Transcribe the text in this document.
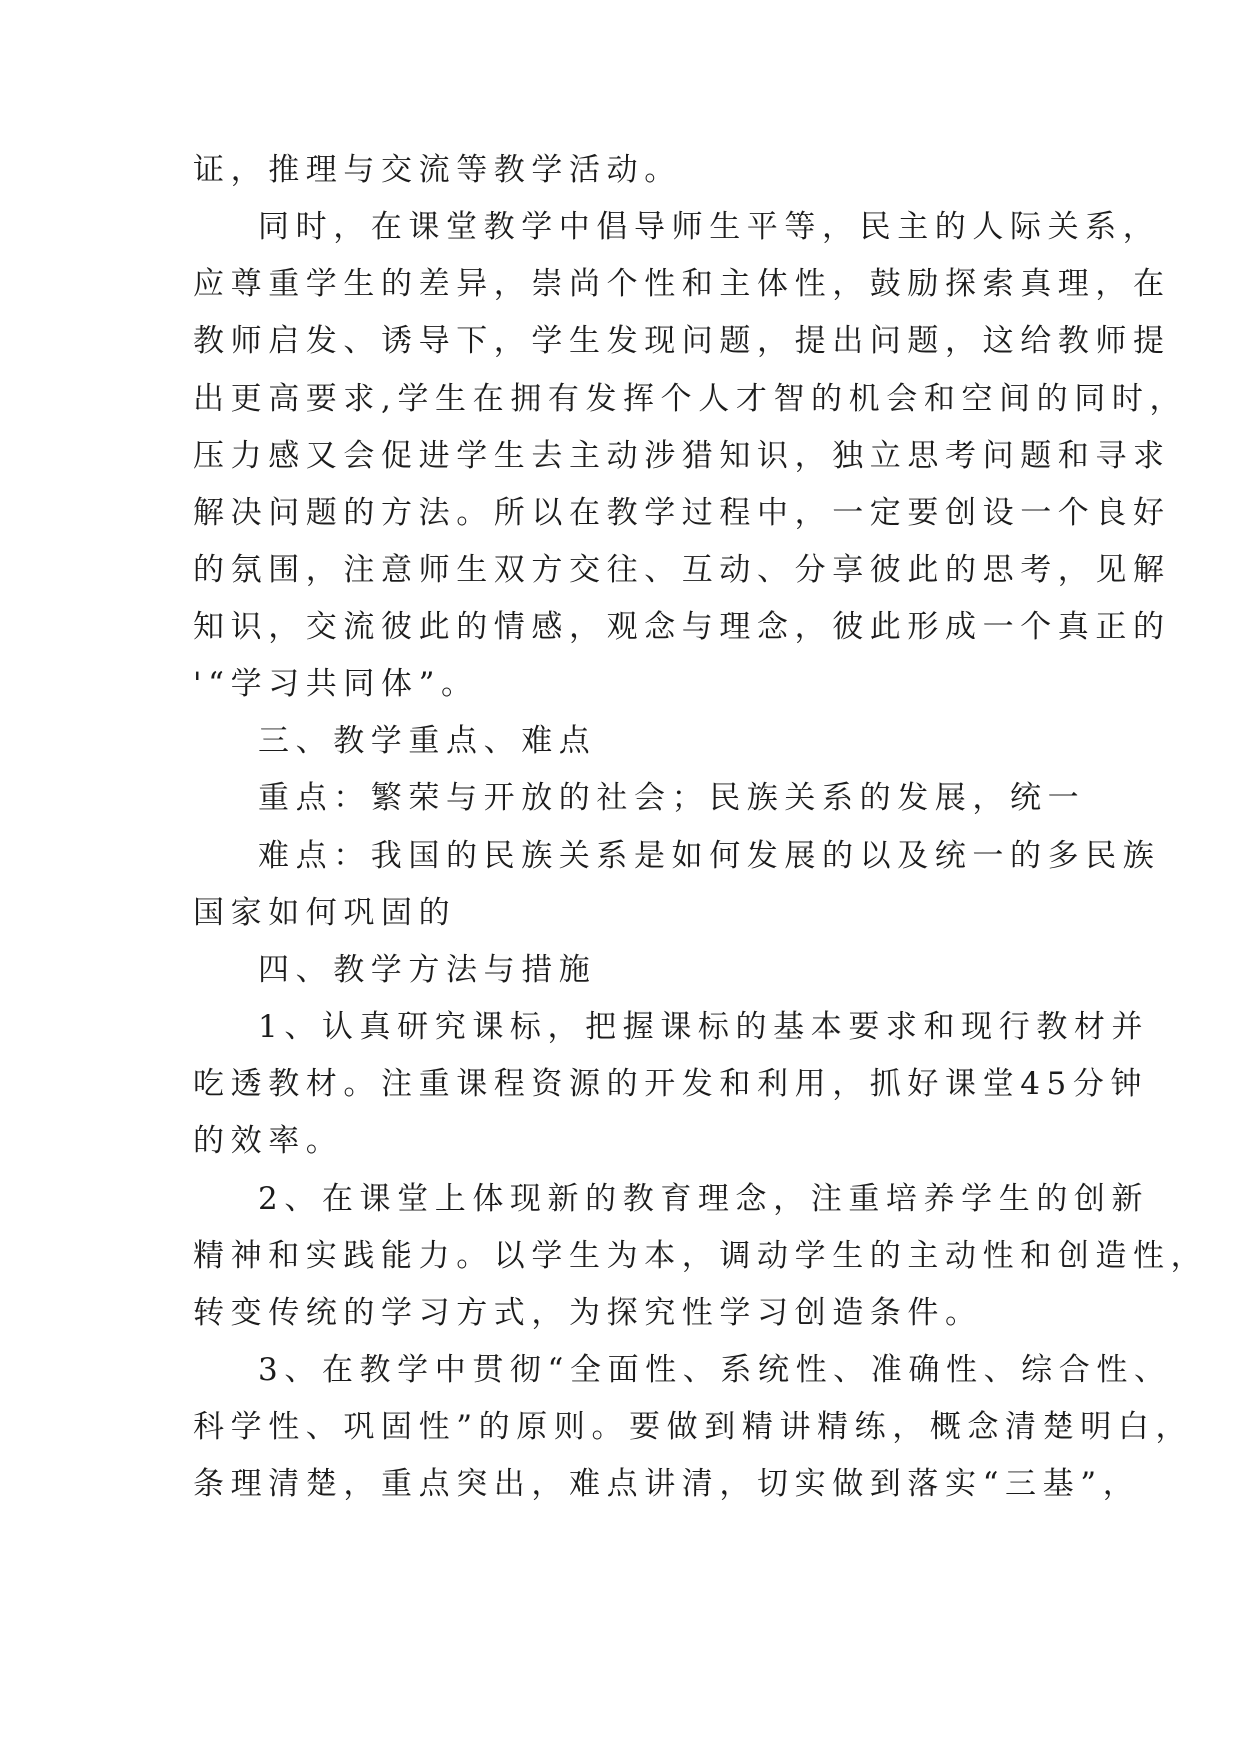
证，推理与交流等教学活动。
同时，在课堂教学中倡导师生平等，民主的人际关系，
应尊重学生的差异，崇尚个性和主体性，鼓励探索真理，在
教师启发、诱导下，学生发现问题，提出问题，这给教师提
出更高要求,学生在拥有发挥个人才智的机会和空间的同时，
压力感又会促进学生去主动涉猎知识，独立思考问题和寻求
解决问题的方法。所以在教学过程中，一定要创设一个良好
的氛围，注意师生双方交往、互动、分享彼此的思考，见解
知识，交流彼此的情感，观念与理念，彼此形成一个真正的
'“学习共同体”。
三、教学重点、难点
重点：繁荣与开放的社会；民族关系的发展，统一
难点：我国的民族关系是如何发展的以及统一的多民族
国家如何巩固的
四、教学方法与措施
1、认真研究课标，把握课标的基本要求和现行教材并
吃透教材。注重课程资源的开发和利用，抓好课堂45分钟
的效率。
2、在课堂上体现新的教育理念，注重培养学生的创新
精神和实践能力。以学生为本，调动学生的主动性和创造性，
转变传统的学习方式，为探究性学习创造条件。
3、在教学中贯彻“全面性、系统性、准确性、综合性、
科学性、巩固性”的原则。要做到精讲精练，概念清楚明白，
条理清楚，重点突出，难点讲清，切实做到落实“三基”，
